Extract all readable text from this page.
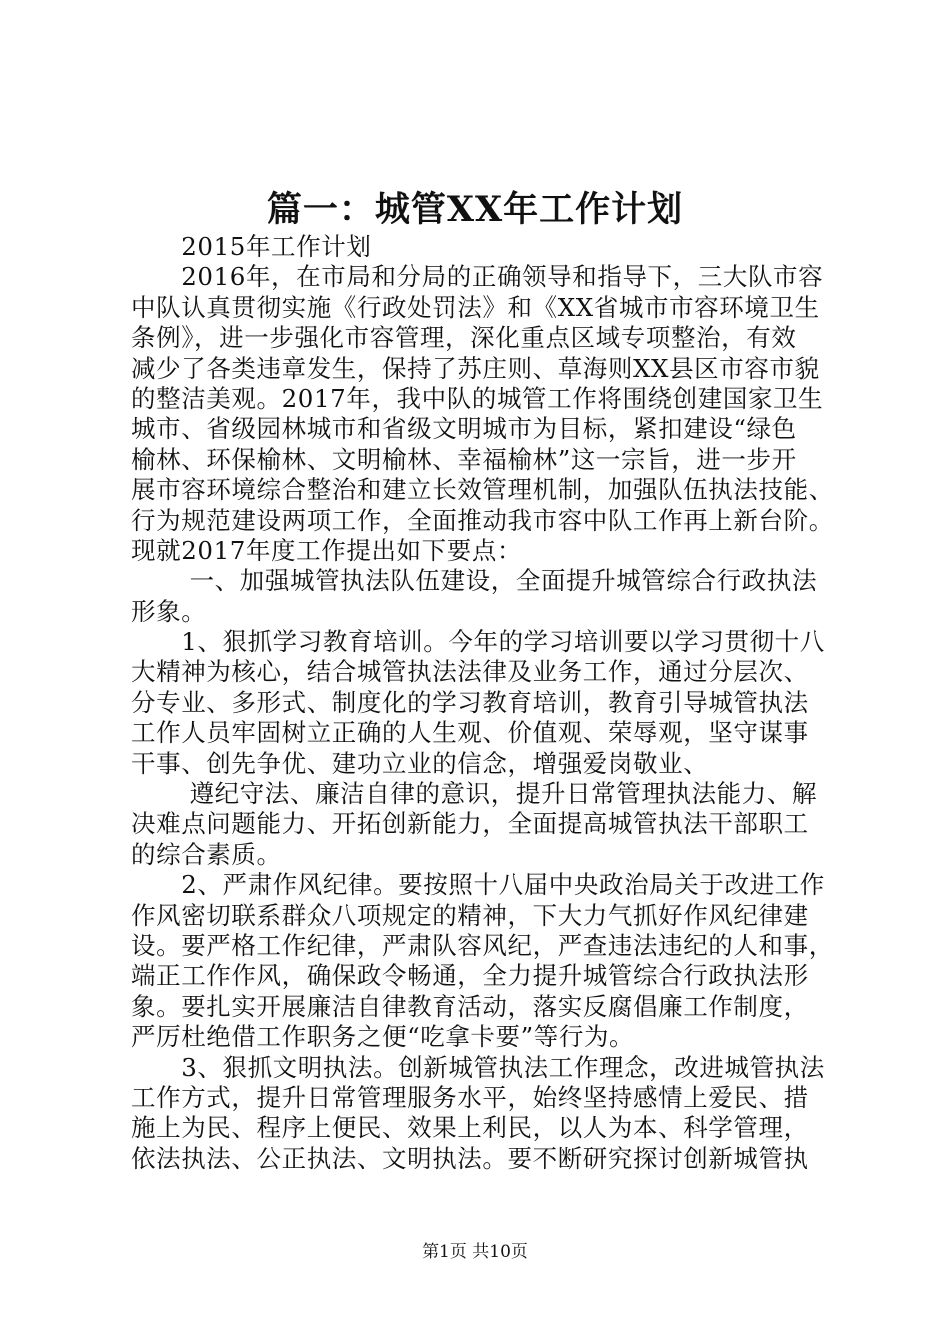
篇一：城管XX年工作计划
　　2015年工作计划
　　2016年，在市局和分局的正确领导和指导下，三大队市容
中队认真贯彻实施《行政处罚法》和《XX省城市市容环境卫生
条例》，进一步强化市容管理，深化重点区域专项整治，有效
减少了各类违章发生，保持了苏庄则、草海则XX县区市容市貌
的整洁美观。2017年，我中队的城管工作将围绕创建国家卫生
城市、省级园林城市和省级文明城市为目标，紧扣建设“绿色
榆林、环保榆林、文明榆林、幸福榆林”这一宗旨，进一步开
展市容环境综合整治和建立长效管理机制，加强队伍执法技能、
行为规范建设两项工作，全面推动我市容中队工作再上新台阶。
现就2017年度工作提出如下要点：
　　 一、加强城管执法队伍建设，全面提升城管综合行政执法
形象。
　　1、狠抓学习教育培训。今年的学习培训要以学习贯彻十八
大精神为核心，结合城管执法法律及业务工作，通过分层次、
分专业、多形式、制度化的学习教育培训，教育引导城管执法
工作人员牢固树立正确的人生观、价值观、荣辱观，坚守谋事
干事、创先争优、建功立业的信念，增强爱岗敬业、
　　 遵纪守法、廉洁自律的意识，提升日常管理执法能力、解
决难点问题能力、开拓创新能力，全面提高城管执法干部职工
的综合素质。
　　2、严肃作风纪律。要按照十八届中央政治局关于改进工作
作风密切联系群众八项规定的精神，下大力气抓好作风纪律建
设。要严格工作纪律，严肃队容风纪，严查违法违纪的人和事，
端正工作作风，确保政令畅通，全力提升城管综合行政执法形
象。要扎实开展廉洁自律教育活动，落实反腐倡廉工作制度，
严厉杜绝借工作职务之便“吃拿卡要”等行为。
　　3、狠抓文明执法。创新城管执法工作理念，改进城管执法
工作方式，提升日常管理服务水平，始终坚持感情上爱民、措
施上为民、程序上便民、效果上利民，以人为本、科学管理，
依法执法、公正执法、文明执法。要不断研究探讨创新城管执
第1页 共10页
